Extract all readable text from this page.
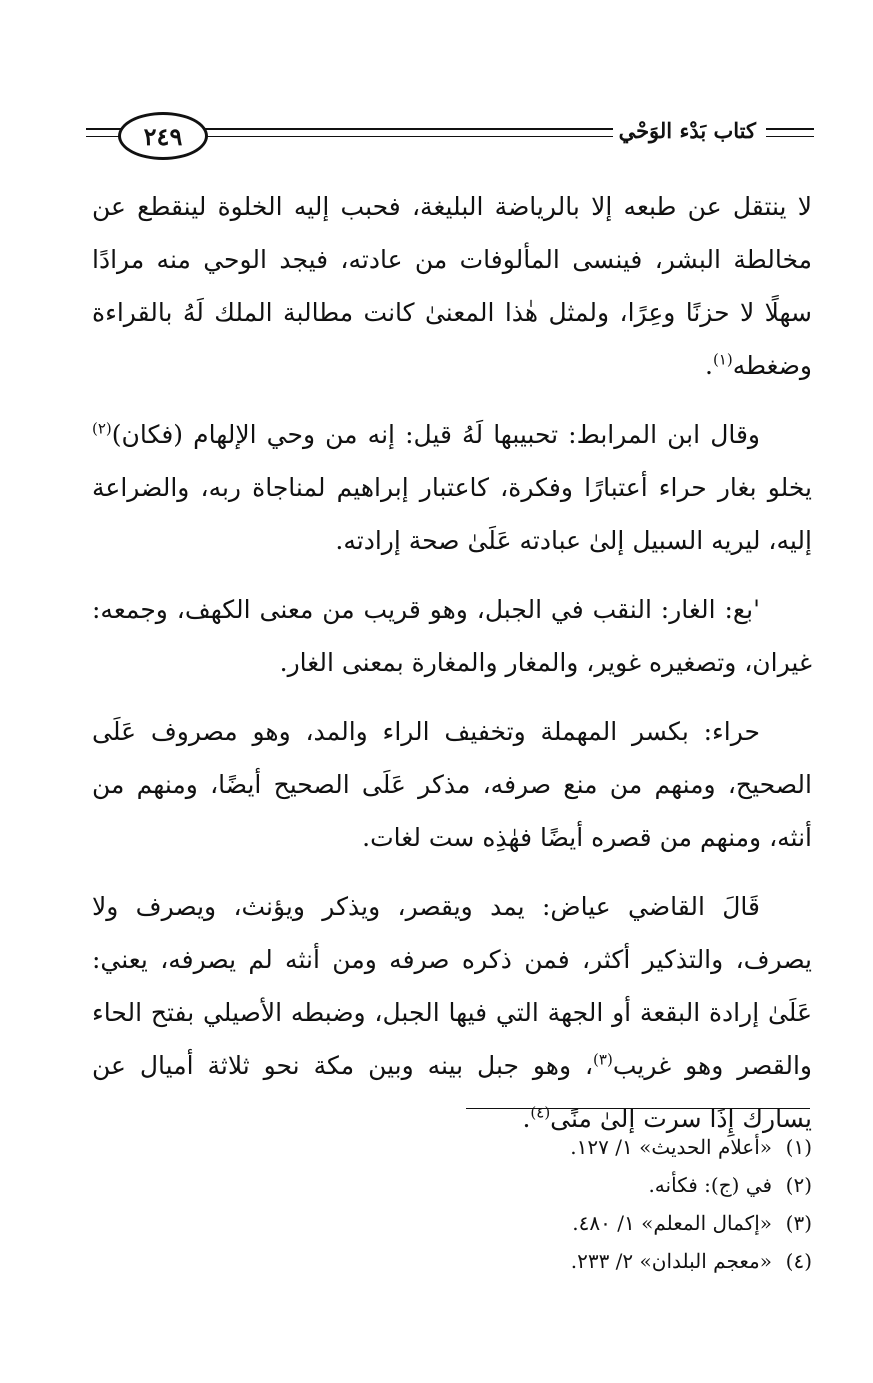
٢٤٩	كتاب بَدْء الوَحْي

لا ينتقل عن طبعه إلا بالرياضة البليغة، فحبب إليه الخلوة لينقطع عن مخالطة البشر، فينسى المألوفات من عادته، فيجد الوحي منه مرادًا سهلًا لا حزنًا وعِرًا، ولمثل هٰذا المعنىٰ كانت مطالبة الملك لَهُ بالقراءة وضغطه$^{(١)}$.

وقال ابن المرابط: تحبيبها لَهُ قيل: إنه من وحي الإلهام (فكان)$^{(٢)}$ يخلو بغار حراء أعتبارًا وفكرة، كاعتبار إبراهيم لمناجاة ربه، والضراعة إليه، ليريه السبيل إلىٰ عبادته عَلَىٰ صحة إرادته.

'بع: الغار: النقب في الجبل، وهو قريب من معنى الكهف، وجمعه: غيران، وتصغيره غوير، والمغار والمغارة بمعنى الغار.

حراء: بكسر المهملة وتخفيف الراء والمد، وهو مصروف عَلَى الصحيح، ومنهم من منع صرفه، مذكر عَلَى الصحيح أيضًا، ومنهم من أنثه، ومنهم من قصره أيضًا فهٰذِه ست لغات.

قَالَ القاضي عياض: يمد ويقصر، ويذكر ويؤنث، ويصرف ولا يصرف، والتذكير أكثر، فمن ذكره صرفه ومن أنثه لم يصرفه، يعني: عَلَىٰ إرادة البقعة أو الجهة التي فيها الجبل، وضبطه الأصيلي بفتح الحاء والقصر وهو غريب$^{(٣)}$، وهو جبل بينه وبين مكة نحو ثلاثة أميال عن يسارك إِذَا سرت إلىٰ منًى$^{(٤)}$.

(١)
«أعلام الحديث» ١/ ١٢٧.
(٢)
في (ج): فكأنه.
(٣)
«إكمال المعلم» ١/ ٤٨٠.
(٤)
«معجم البلدان» ٢/ ٢٣٣.
